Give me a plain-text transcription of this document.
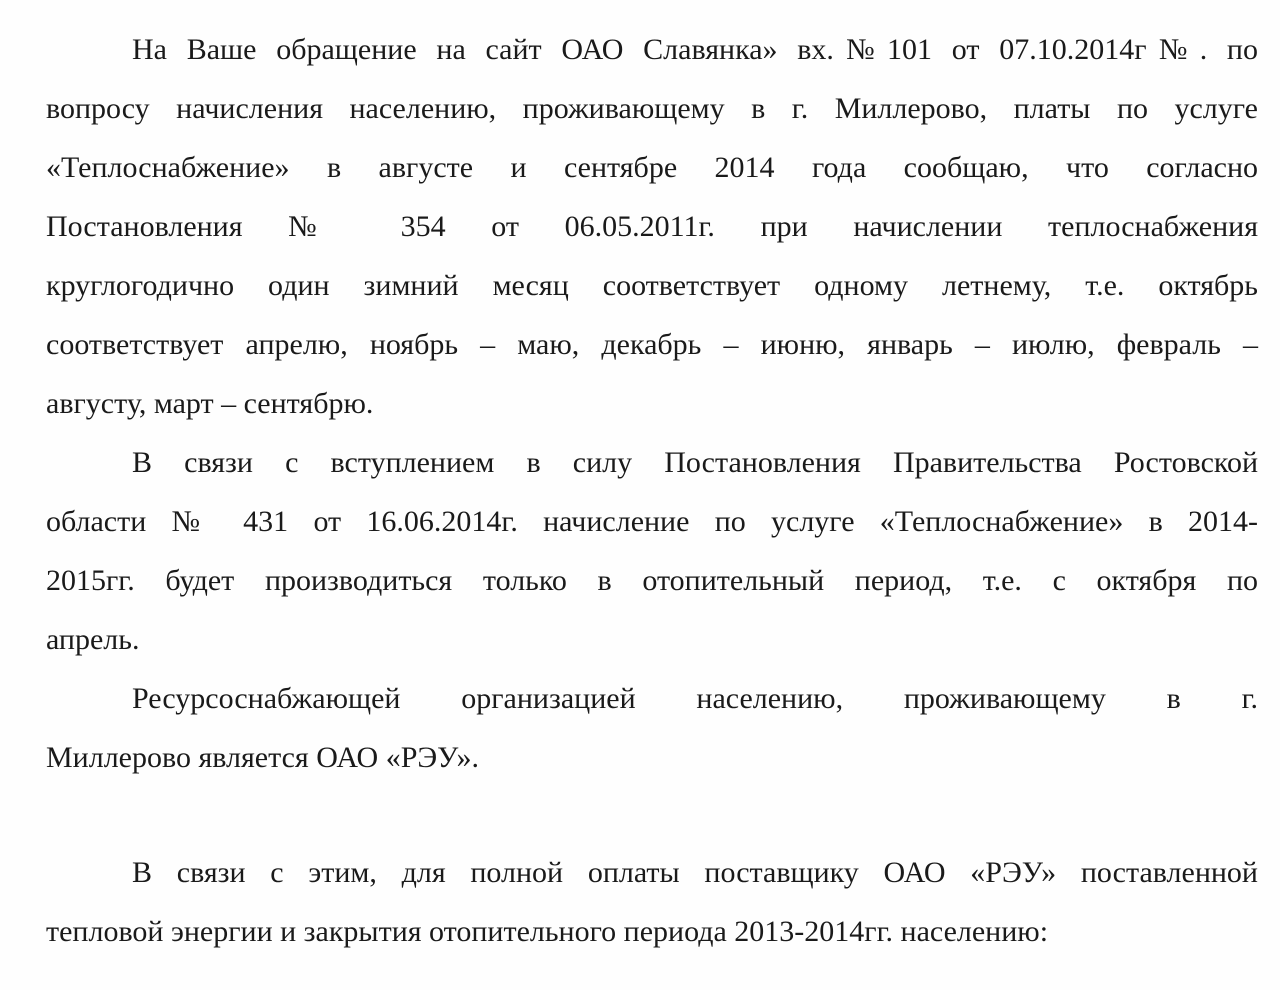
На Ваше обращение на сайт ОАО Славянка» вх.№101 от 07.10.2014г№. по
вопросу начисления населению, проживающему в г. Миллерово, платы по услуге
«Теплоснабжение» в августе и сентябре 2014 года сообщаю, что согласно
Постановления № 354 от 06.05.2011г. при начислении теплоснабжения
круглогодично один зимний месяц соответствует одному летнему, т.е. октябрь
соответствует апрелю, ноябрь – маю, декабрь – июню, январь – июлю, февраль –
августу, март – сентябрю.
В связи с вступлением в силу Постановления Правительства Ростовской
области № 431 от 16.06.2014г. начисление по услуге «Теплоснабжение» в 2014-
2015гг. будет производиться только в отопительный период, т.е. с октября по
апрель.
Ресурсоснабжающей организацией населению, проживающему в г.
Миллерово является ОАО «РЭУ».
В связи с этим, для полной оплаты поставщику ОАО «РЭУ» поставленной
тепловой энергии и закрытия отопительного периода 2013-2014гг. населению:
